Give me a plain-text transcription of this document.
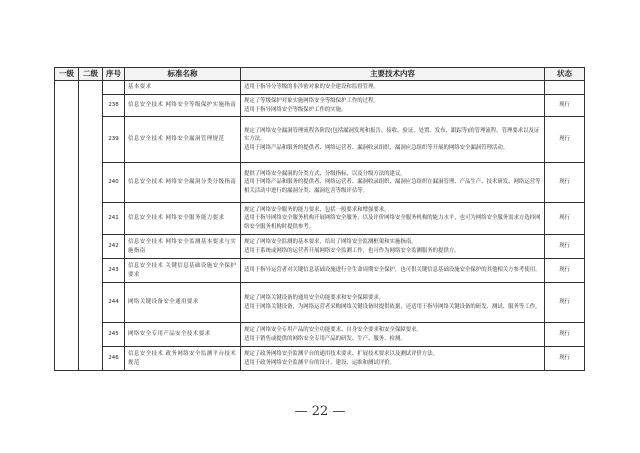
一级	二级	序号	标准名称	主要技术内容	状态
			基本要求	适用于指导分等级的非涉密对象的安全建设和监督管理。	

		238	信息安全技术 网络安全等级保护实施指南	规定了等级保护对象实施网络安全等级保护工作的过程。
适用于指导网络安全等级保护工作的实施。	现行
		239	信息安全技术 网络安全漏洞管理规范	规定了网络安全漏洞管理流程各阶段(包括漏洞发现和报告、接收、验证、处置、发布、跟踪等)的管理流程、管理要求以及证实方法。
适用于网络产品和服务的提供者、网络运营者、漏洞收录组织、漏洞应急组织等开展的网络安全漏洞管理活动。	现行
		240	信息安全技术 网络安全漏洞分类分级指南	提供了网络安全漏洞的分类方式、分级指标，以及分级方法的建议。
适用于网络产品和服务的提供者、网络运营者、漏洞收录组织、漏洞应急组织在漏洞管理、产品生产、技术研发、网络运营等相关活动中进行的漏洞分类、漏洞危害等级评估等。	现行
		241	信息安全技术 网络安全服务能力要求	规定了网络安全服务的能力要求，包括一般要求和增强要求。
适用于指导网络安全服务机构开展网络安全服务，以及评价网络安全服务机构的能力水平，也可为网络安全服务需求方选择网络安全服务机构时提供参考。	现行
		242	信息安全技术 网络安全监测基本要求与实施指南	规定了网络安全监测的基本要求，给出了网络安全监测框架和实施指南。
适用于系统或网络的运营者开展网络安全监测工作，也可作为网络安全监测服务的提供方。	现行
		243	信息安全技术 关键信息基础设施安全保护要求	适用于指导运营者对关键信息基础设施进行全生命周期安全保护，也可供关键信息基础设施安全保护的其他相关方参考使用。	现行
		244	网络关键设备安全通用要求	规定了网络关键设备的通用安全功能要求和安全保障要求。
适用于网络关键设备，为网络运营者采购网络关键设备时提供依据，还适用于指导网络关键设备的研发、测试、服务等工作。	现行
		245	网络安全专用产品安全技术要求	规定了网络安全专用产品的安全功能要求、自身安全要求和安全保障要求。
适用于销售或提供的网络安全专用产品的研发、生产、服务、检测。	现行
		246	信息安全技术 政务网络安全监测平台技术规范	规定了政务网络安全监测平台的通用技术要求、扩展技术要求以及测试评价方法。
适用于政务网络安全监测平台的设计、建设、运维和测试评价。	现行
— 22 —
